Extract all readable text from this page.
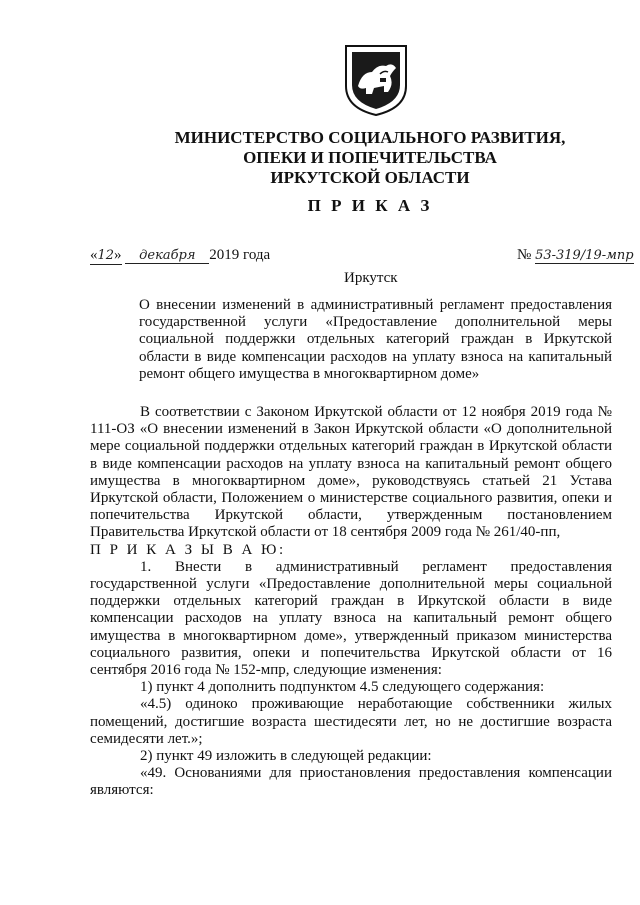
МИНИСТЕРСТВО СОЦИАЛЬНОГО РАЗВИТИЯ,
ОПЕКИ И ПОПЕЧИТЕЛЬСТВА
ИРКУТСКОЙ ОБЛАСТИ
П Р И К А З
«12» декабря 2019 года	№ 53-319/19-мпр
Иркутск
О внесении изменений в административный регламент предоставления государственной услуги «Предоставление дополнительной меры социальной поддержки отдельных категорий граждан в Иркутской области в виде компенсации расходов на уплату взноса на капитальный ремонт общего имущества в многоквартирном доме»

В соответствии с Законом Иркутской области от 12 ноября 2019 года № 111-ОЗ «О внесении изменений в Закон Иркутской области «О дополнительной мере социальной поддержки отдельных категорий граждан в Иркутской области в виде компенсации расходов на уплату взноса на капитальный ремонт общего имущества в многоквартирном доме», руководствуясь статьей 21 Устава Иркутской области, Положением о министерстве социального развития, опеки и попечительства Иркутской области, утвержденным постановлением Правительства Иркутской области от 18 сентября 2009 года № 261/40-пп,

П Р И К А З Ы В А Ю:

1. Внести в административный регламент предоставления государственной услуги «Предоставление дополнительной меры социальной поддержки отдельных категорий граждан в Иркутской области в виде компенсации расходов на уплату взноса на капитальный ремонт общего имущества в многоквартирном доме», утвержденный приказом министерства социального развития, опеки и попечительства Иркутской области от 16 сентября 2016 года № 152-мпр, следующие изменения:

1) пункт 4 дополнить подпунктом 4.5 следующего содержания:

«4.5) одиноко проживающие неработающие собственники жилых помещений, достигшие возраста шестидесяти лет, но не достигшие возраста семидесяти лет.»;

2) пункт 49 изложить в следующей редакции:

«49. Основаниями для приостановления предоставления компенсации являются:
